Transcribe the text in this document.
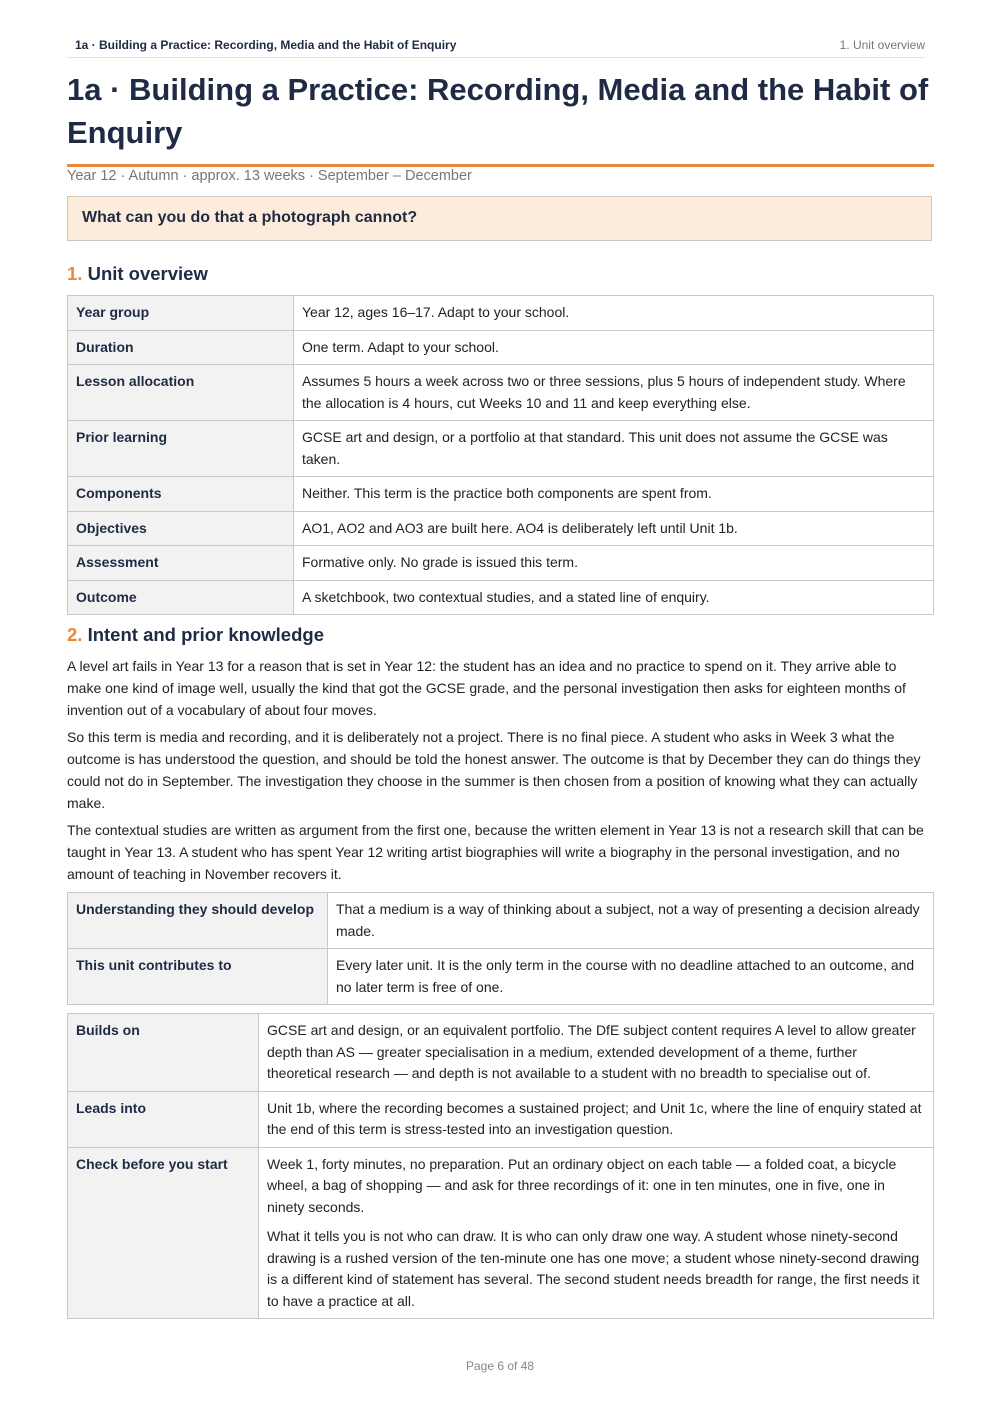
1a · Building a Practice: Recording, Media and the Habit of Enquiry	1. Unit overview
1a · Building a Practice: Recording, Media and the Habit of Enquiry
Year 12 · Autumn · approx. 13 weeks · September – December
What can you do that a photograph cannot?
1. Unit overview
Year group	Year 12, ages 16–17. Adapt to your school.
Duration	One term. Adapt to your school.
Lesson allocation	Assumes 5 hours a week across two or three sessions, plus 5 hours of independent study. Where the allocation is 4 hours, cut Weeks 10 and 11 and keep everything else.
Prior learning	GCSE art and design, or a portfolio at that standard. This unit does not assume the GCSE was taken.
Components	Neither. This term is the practice both components are spent from.
Objectives	AO1, AO2 and AO3 are built here. AO4 is deliberately left until Unit 1b.
Assessment	Formative only. No grade is issued this term.
Outcome	A sketchbook, two contextual studies, and a stated line of enquiry.
2. Intent and prior knowledge

A level art fails in Year 13 for a reason that is set in Year 12: the student has an idea and no practice to spend on it. They arrive able to make one kind of image well, usually the kind that got the GCSE grade, and the personal investigation then asks for eighteen months of invention out of a vocabulary of about four moves.

So this term is media and recording, and it is deliberately not a project. There is no final piece. A student who asks in Week 3 what the outcome is has understood the question, and should be told the honest answer. The outcome is that by December they can do things they could not do in September. The investigation they choose in the summer is then chosen from a position of knowing what they can actually make.

The contextual studies are written as argument from the first one, because the written element in Year 13 is not a research skill that can be taught in Year 13. A student who has spent Year 12 writing artist biographies will write a biography in the personal investigation, and no amount of teaching in November recovers it.

Understanding they should develop	That a medium is a way of thinking about a subject, not a way of presenting a decision already made.
This unit contributes to	Every later unit. It is the only term in the course with no deadline attached to an outcome, and no later term is free of one.
Builds on	GCSE art and design, or an equivalent portfolio. The DfE subject content requires A level to allow greater depth than AS — greater specialisation in a medium, extended development of a theme, further theoretical research — and depth is not available to a student with no breadth to specialise out of.
Leads into	Unit 1b, where the recording becomes a sustained project; and Unit 1c, where the line of enquiry stated at the end of this term is stress-tested into an investigation question.
Check before you start	Week 1, forty minutes, no preparation. Put an ordinary object on each table — a folded coat, a bicycle wheel, a bag of shopping — and ask for three recordings of it: one in ten minutes, one in five, one in ninety seconds.

What it tells you is not who can draw. It is who can only draw one way. A student whose ninety-second drawing is a rushed version of the ten-minute one has one move; a student whose ninety-second drawing is a different kind of statement has several. The second student needs breadth for range, the first needs it to have a practice at all.

Page 6 of 48
